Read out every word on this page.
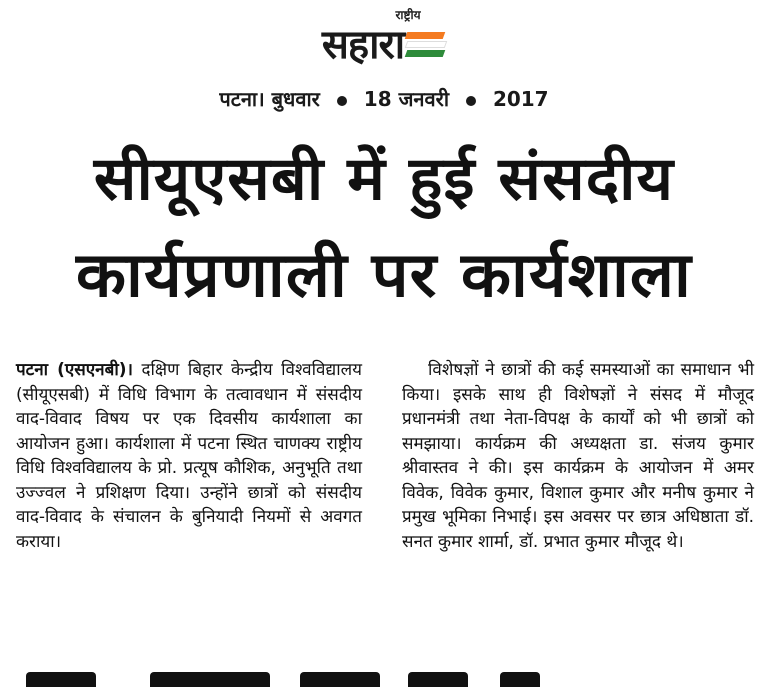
राष्ट्रीय
सहारा
पटना। बुधवार 18 जनवरी 2017
सीयूएसबी में हुई संसदीय
कार्यप्रणाली पर कार्यशाला
पटना (एसएनबी)। दक्षिण बिहार केन्द्रीय विश्वविद्यालय (सीयूएसबी) में विधि विभाग के तत्वावधान में संसदीय वाद-विवाद विषय पर एक दिवसीय कार्यशाला का आयोजन हुआ। कार्यशाला में पटना स्थित चाणक्य राष्ट्रीय विधि विश्वविद्यालय के प्रो. प्रत्यूष कौशिक, अनुभूति तथा उज्ज्वल ने प्रशिक्षण दिया। उन्होंने छात्रों को संसदीय वाद-विवाद के संचालन के बुनियादी नियमों से अवगत कराया।
विशेषज्ञों ने छात्रों की कई समस्याओं का समाधान भी किया। इसके साथ ही विशेषज्ञों ने संसद में मौजूद प्रधानमंत्री तथा नेता-विपक्ष के कार्यों को भी छात्रों को समझाया। कार्यक्रम की अध्यक्षता डा. संजय कुमार श्रीवास्तव ने की। इस कार्यक्रम के आयोजन में अमर विवेक, विवेक कुमार, विशाल कुमार और मनीष कुमार ने प्रमुख भूमिका निभाई। इस अवसर पर छात्र अधिष्ठाता डॉ. सनत कुमार शार्मा, डॉ. प्रभात कुमार मौजूद थे।
